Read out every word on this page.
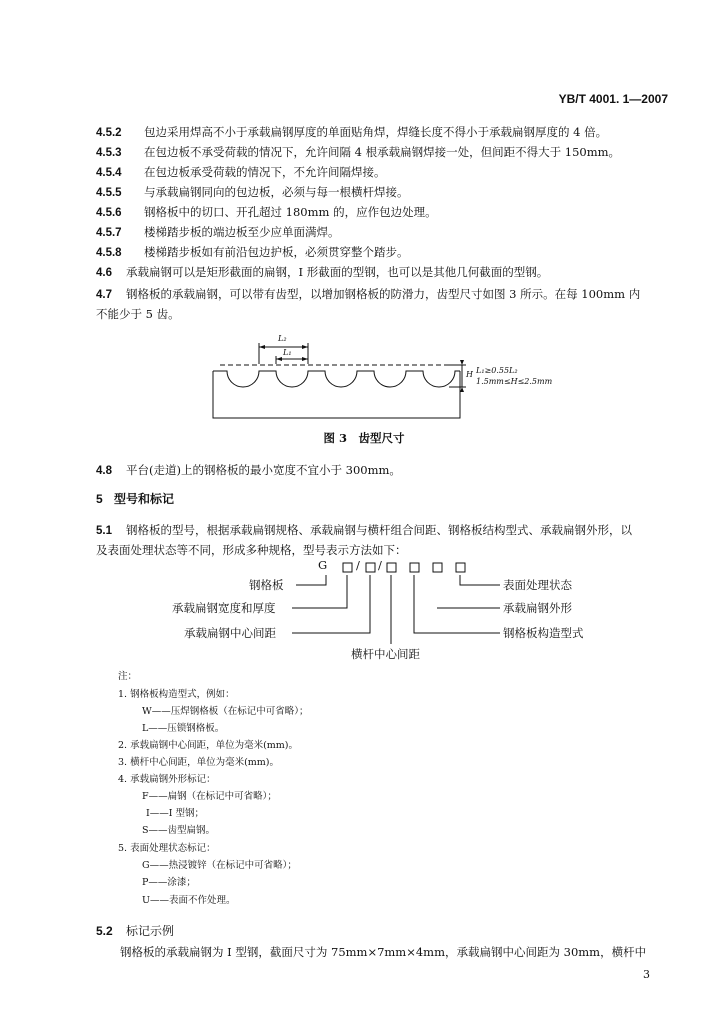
YB/T 4001. 1—2007
4.5.2 包边采用焊高不小于承载扁钢厚度的单面贴角焊，焊缝长度不得小于承载扁钢厚度的 4 倍。
4.5.3 在包边板不承受荷载的情况下，允许间隔 4 根承载扁钢焊接一处，但间距不得大于 150mm。
4.5.4 在包边板承受荷载的情况下，不允许间隔焊接。
4.5.5 与承载扁钢同向的包边板，必须与每一根横杆焊接。
4.5.6 钢格板中的切口、开孔超过 180mm 的，应作包边处理。
4.5.7 楼梯踏步板的端边板至少应单面满焊。
4.5.8 楼梯踏步板如有前沿包边护板，必须贯穿整个踏步。
4.6 承载扁钢可以是矩形截面的扁钢，I 形截面的型钢，也可以是其他几何截面的型钢。
4.7 钢格板的承载扁钢，可以带有齿型，以增加钢格板的防滑力，齿型尺寸如图 3 所示。在每 100mm 内
不能少于 5 齿。
L₂
L₁
H L₁≥0.55L₂
1.5mm≤H≤2.5mm
图 3　齿型尺寸
4.8 平台(走道)上的钢格板的最小宽度不宜小于 300mm。
5 型号和标记
5.1 钢格板的型号，根据承载扁钢规格、承载扁钢与横杆组合间距、钢格板结构型式、承载扁钢外形，以
及表面处理状态等不同，形成多种规格，型号表示方法如下：
G	/ /
钢格板
承载扁钢宽度和厚度
承载扁钢中心间距
横杆中心间距
表面处理状态
承载扁钢外形
钢格板构造型式
注：
1. 钢格板构造型式，例如：
W——压焊钢格板（在标记中可省略）；
L——压锁钢格板。
2. 承载扁钢中心间距，单位为毫米(mm)。
3. 横杆中心间距，单位为毫米(mm)。
4. 承载扁钢外形标记：
F——扁钢（在标记中可省略）；
I——I 型钢；
S——齿型扁钢。
5. 表面处理状态标记：
G——热浸镀锌（在标记中可省略）；
P——涂漆；
U——表面不作处理。
5.2 标记示例
钢格板的承载扁钢为 I 型钢，截面尺寸为 75mm×7mm×4mm，承载扁钢中心间距为 30mm，横杆中
3
